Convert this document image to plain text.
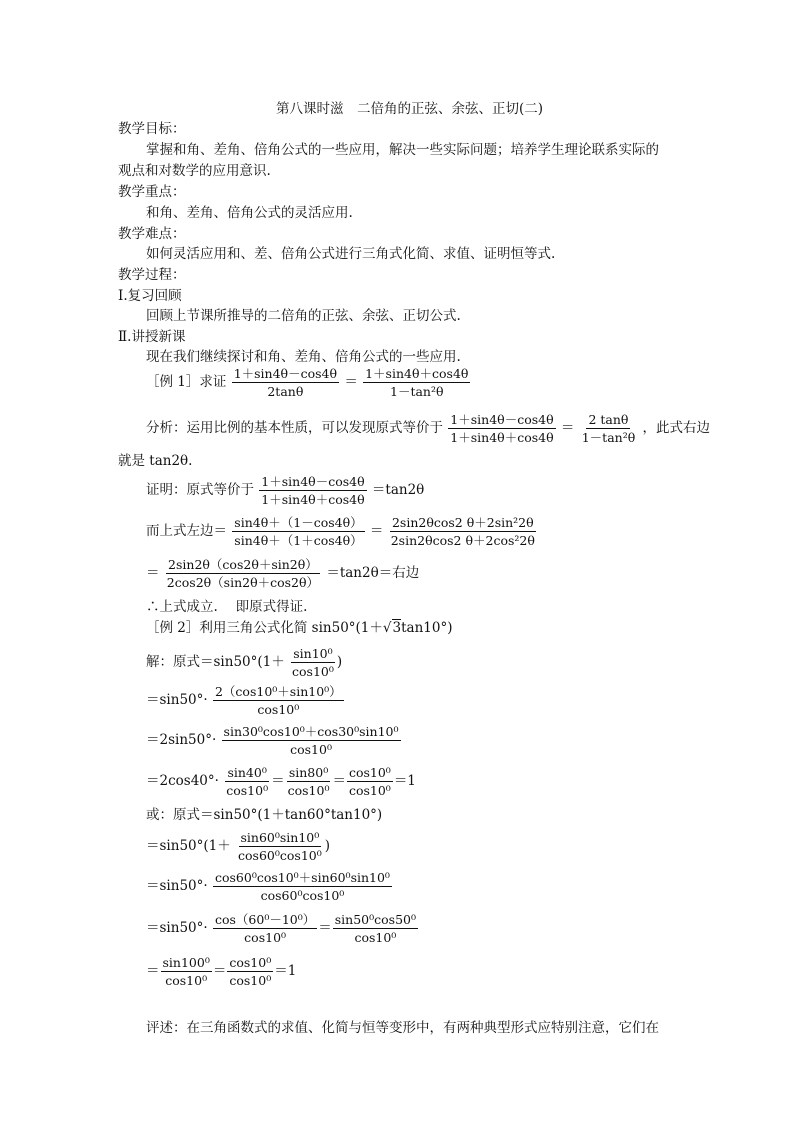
第八课时滋　二倍角的正弦、余弦、正切(二)
教学目标：
掌握和角、差角、倍角公式的一些应用，解决一些实际问题；培养学生理论联系实际的
观点和对数学的应用意识.
教学重点：
和角、差角、倍角公式的灵活应用.
教学难点：
如何灵活应用和、差、倍角公式进行三角式化简、求值、证明恒等式.
教学过程：
Ⅰ.复习回顾
回顾上节课所推导的二倍角的正弦、余弦、正切公式.
Ⅱ.讲授新课
现在我们继续探讨和角、差角、倍角公式的一些应用.
［例 1］求证 $\frac{1+\sin 4\theta-\cos 4\theta}{2\tan\theta} = \frac{1+\sin 4\theta+\cos 4\theta}{\text{1－tan²θ}}$
分析：运用比例的基本性质，可以发现原式等价于 $\frac{1+\sin 4\theta-\cos 4\theta}{1+\sin 4\theta+\cos 4\theta} = \frac{2 \tan\theta}{\text{1－tan²θ}}$ ，此式右边
就是 tan2θ.
证明：原式等价于 $\frac{1+\sin 4\theta-\cos 4\theta}{1+\sin 4\theta+\cos 4\theta} =\tan 2\theta$
而上式左边＝ $\frac{\sin 4\theta+(1-\cos 4\theta)}{\sin 4\theta+(1+\cos 4\theta)} = \frac{\text{2sin2θcos2 θ＋2sin²2θ}}{\text{2sin2θcos2 θ＋2cos²2θ}}$
＝ $\frac{2\sin 2\theta(\cos 2\theta+\sin 2\theta)}{2\cos 2\theta(\sin 2\theta+\cos 2\theta)} =\tan 2\theta=$右边
∴上式成立.　 即原式得证.
［例 2］利用三角公式化简 sin50°(1＋√3tan10°)
解：原式$=\sin 50^\circ(1+ \frac{\text{sin10⁰}}{\text{cos10⁰}}$ )
$=\sin 50^\circ\cdot \frac{\text{2（cos10⁰＋sin10⁰）}}{\text{cos10⁰}}$
$=2\sin 50^\circ\cdot \frac{\text{sin30⁰cos10⁰＋cos30⁰sin10⁰}}{\text{cos10⁰}}$
$=2\cos 40^\circ\cdot \frac{\text{sin40⁰}}{\text{cos10⁰}} = \frac{\text{sin80⁰}}{\text{cos10⁰}} = \frac{\text{cos10⁰}}{\text{cos10⁰}} =1$
或：原式＝sin50°(1＋tan60°tan10°)
$=\sin 50^\circ(1+ \frac{\text{sin60⁰sin10⁰}}{\text{cos60⁰cos10⁰}}$ )
$=\sin 50^\circ\cdot \frac{\text{cos60⁰cos10⁰＋sin60⁰sin10⁰}}{\text{cos60⁰cos10⁰}}$
$=\sin 50^\circ\cdot \frac{\text{cos（60⁰－10⁰）}}{\text{cos10⁰}} = \frac{\text{sin50⁰cos50⁰}}{\text{cos10⁰}}$
＝ $\frac{\text{sin100⁰}}{\text{cos10⁰}} = \frac{\text{cos10⁰}}{\text{cos10⁰}} =1$
评述：在三角函数式的求值、化简与恒等变形中，有两种典型形式应特别注意，它们在
